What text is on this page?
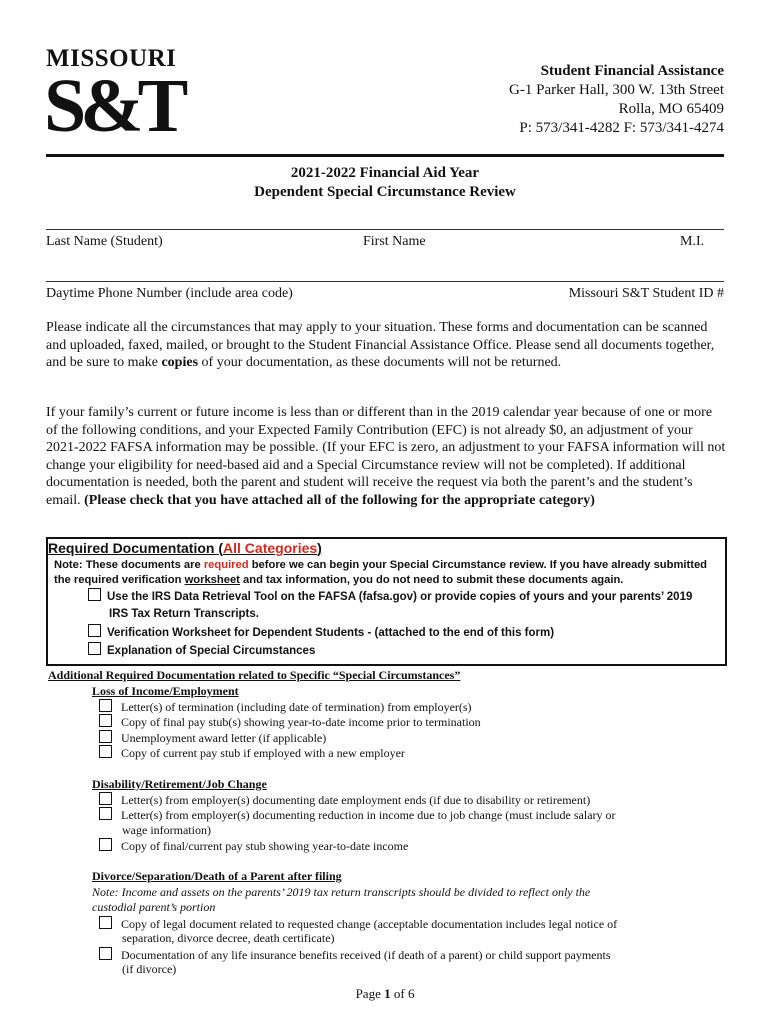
MISSOURI
S&T	Student Financial Assistance
G-1 Parker Hall, 300 W. 13th Street
Rolla, MO 65409
P: 573/341-4282 F: 573/341-4274
2021-2022 Financial Aid Year
Dependent Special Circumstance Review
Last Name (Student)	First Name	M.I.
Daytime Phone Number (include area code)	Missouri S&T Student ID #
Please indicate all the circumstances that may apply to your situation. These forms and documentation can be scanned and uploaded, faxed, mailed, or brought to the Student Financial Assistance Office. Please send all documents together, and be sure to make copies of your documentation, as these documents will not be returned.
If your family’s current or future income is less than or different than in the 2019 calendar year because of one or more of the following conditions, and your Expected Family Contribution (EFC) is not already $0, an adjustment of your 2021-2022 FAFSA information may be possible. (If your EFC is zero, an adjustment to your FAFSA information will not change your eligibility for need-based aid and a Special Circumstance review will not be completed). If additional documentation is needed, both the parent and student will receive the request via both the parent’s and the student’s email. (Please check that you have attached all of the following for the appropriate category)
Required Documentation (All Categories)
Note: These documents are required before we can begin your Special Circumstance review. If you have already submitted the required verification worksheet and tax information, you do not need to submit these documents again.
Use the IRS Data Retrieval Tool on the FAFSA (fafsa.gov) or provide copies of yours and your parents’ 2019
IRS Tax Return Transcripts.
Verification Worksheet for Dependent Students - (attached to the end of this form)
Explanation of Special Circumstances
Additional Required Documentation related to Specific “Special Circumstances”
Loss of Income/Employment
Letter(s) of termination (including date of termination) from employer(s)
Copy of final pay stub(s) showing year-to-date income prior to termination
Unemployment award letter (if applicable)
Copy of current pay stub if employed with a new employer
Disability/Retirement/Job Change
Letter(s) from employer(s) documenting date employment ends (if due to disability or retirement)
Letter(s) from employer(s) documenting reduction in income due to job change (must include salary or
wage information)
Copy of final/current pay stub showing year-to-date income
Divorce/Separation/Death of a Parent after filing
Note: Income and assets on the parents’ 2019 tax return transcripts should be divided to reflect only the
custodial parent’s portion
Copy of legal document related to requested change (acceptable documentation includes legal notice of
separation, divorce decree, death certificate)
Documentation of any life insurance benefits received (if death of a parent) or child support payments
(if divorce)
Page 1 of 6
